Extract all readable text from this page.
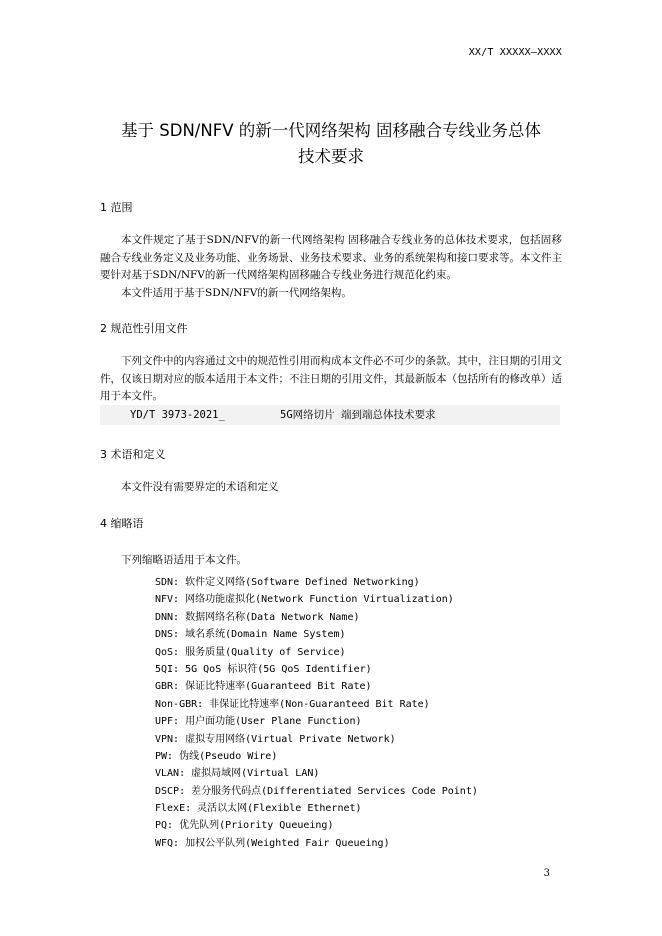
XX/T XXXXX—XXXX
基于 SDN/NFV 的新一代网络架构 固移融合专线业务总体
技术要求
1 范围

本文件规定了基于SDN/NFV的新一代网络架构 固移融合专线业务的总体技术要求，包括固移融合专线业务定义及业务功能、业务场景、业务技术要求、业务的系统架构和接口要求等。本文件主要针对基于SDN/NFV的新一代网络架构固移融合专线业务进行规范化约束。

本文件适用于基于SDN/NFV的新一代网络架构。

2 规范性引用文件

下列文件中的内容通过文中的规范性引用而构成本文件必不可少的条款。其中，注日期的引用文件，仅该日期对应的版本适用于本文件；不注日期的引用文件，其最新版本（包括所有的修改单）适用于本文件。

YD/T 3973-2021_	5G网络切片 端到端总体技术要求
3 术语和定义

本文件没有需要界定的术语和定义

4 缩略语

下列缩略语适用于本文件。

SDN: 软件定义网络(Software Defined Networking)
NFV: 网络功能虚拟化(Network Function Virtualization)
DNN: 数据网络名称(Data Network Name)
DNS: 域名系统(Domain Name System)
QoS: 服务质量(Quality of Service)
5QI: 5G QoS 标识符(5G QoS Identifier)
GBR: 保证比特速率(Guaranteed Bit Rate)
Non-GBR: 非保证比特速率(Non-Guaranteed Bit Rate)
UPF: 用户面功能(User Plane Function)
VPN: 虚拟专用网络(Virtual Private Network)
PW: 伪线(Pseudo Wire)
VLAN: 虚拟局域网(Virtual LAN)
DSCP: 差分服务代码点(Differentiated Services Code Point)
FlexE: 灵活以太网(Flexible Ethernet)
PQ: 优先队列(Priority Queueing)
WFQ: 加权公平队列(Weighted Fair Queueing)
3
